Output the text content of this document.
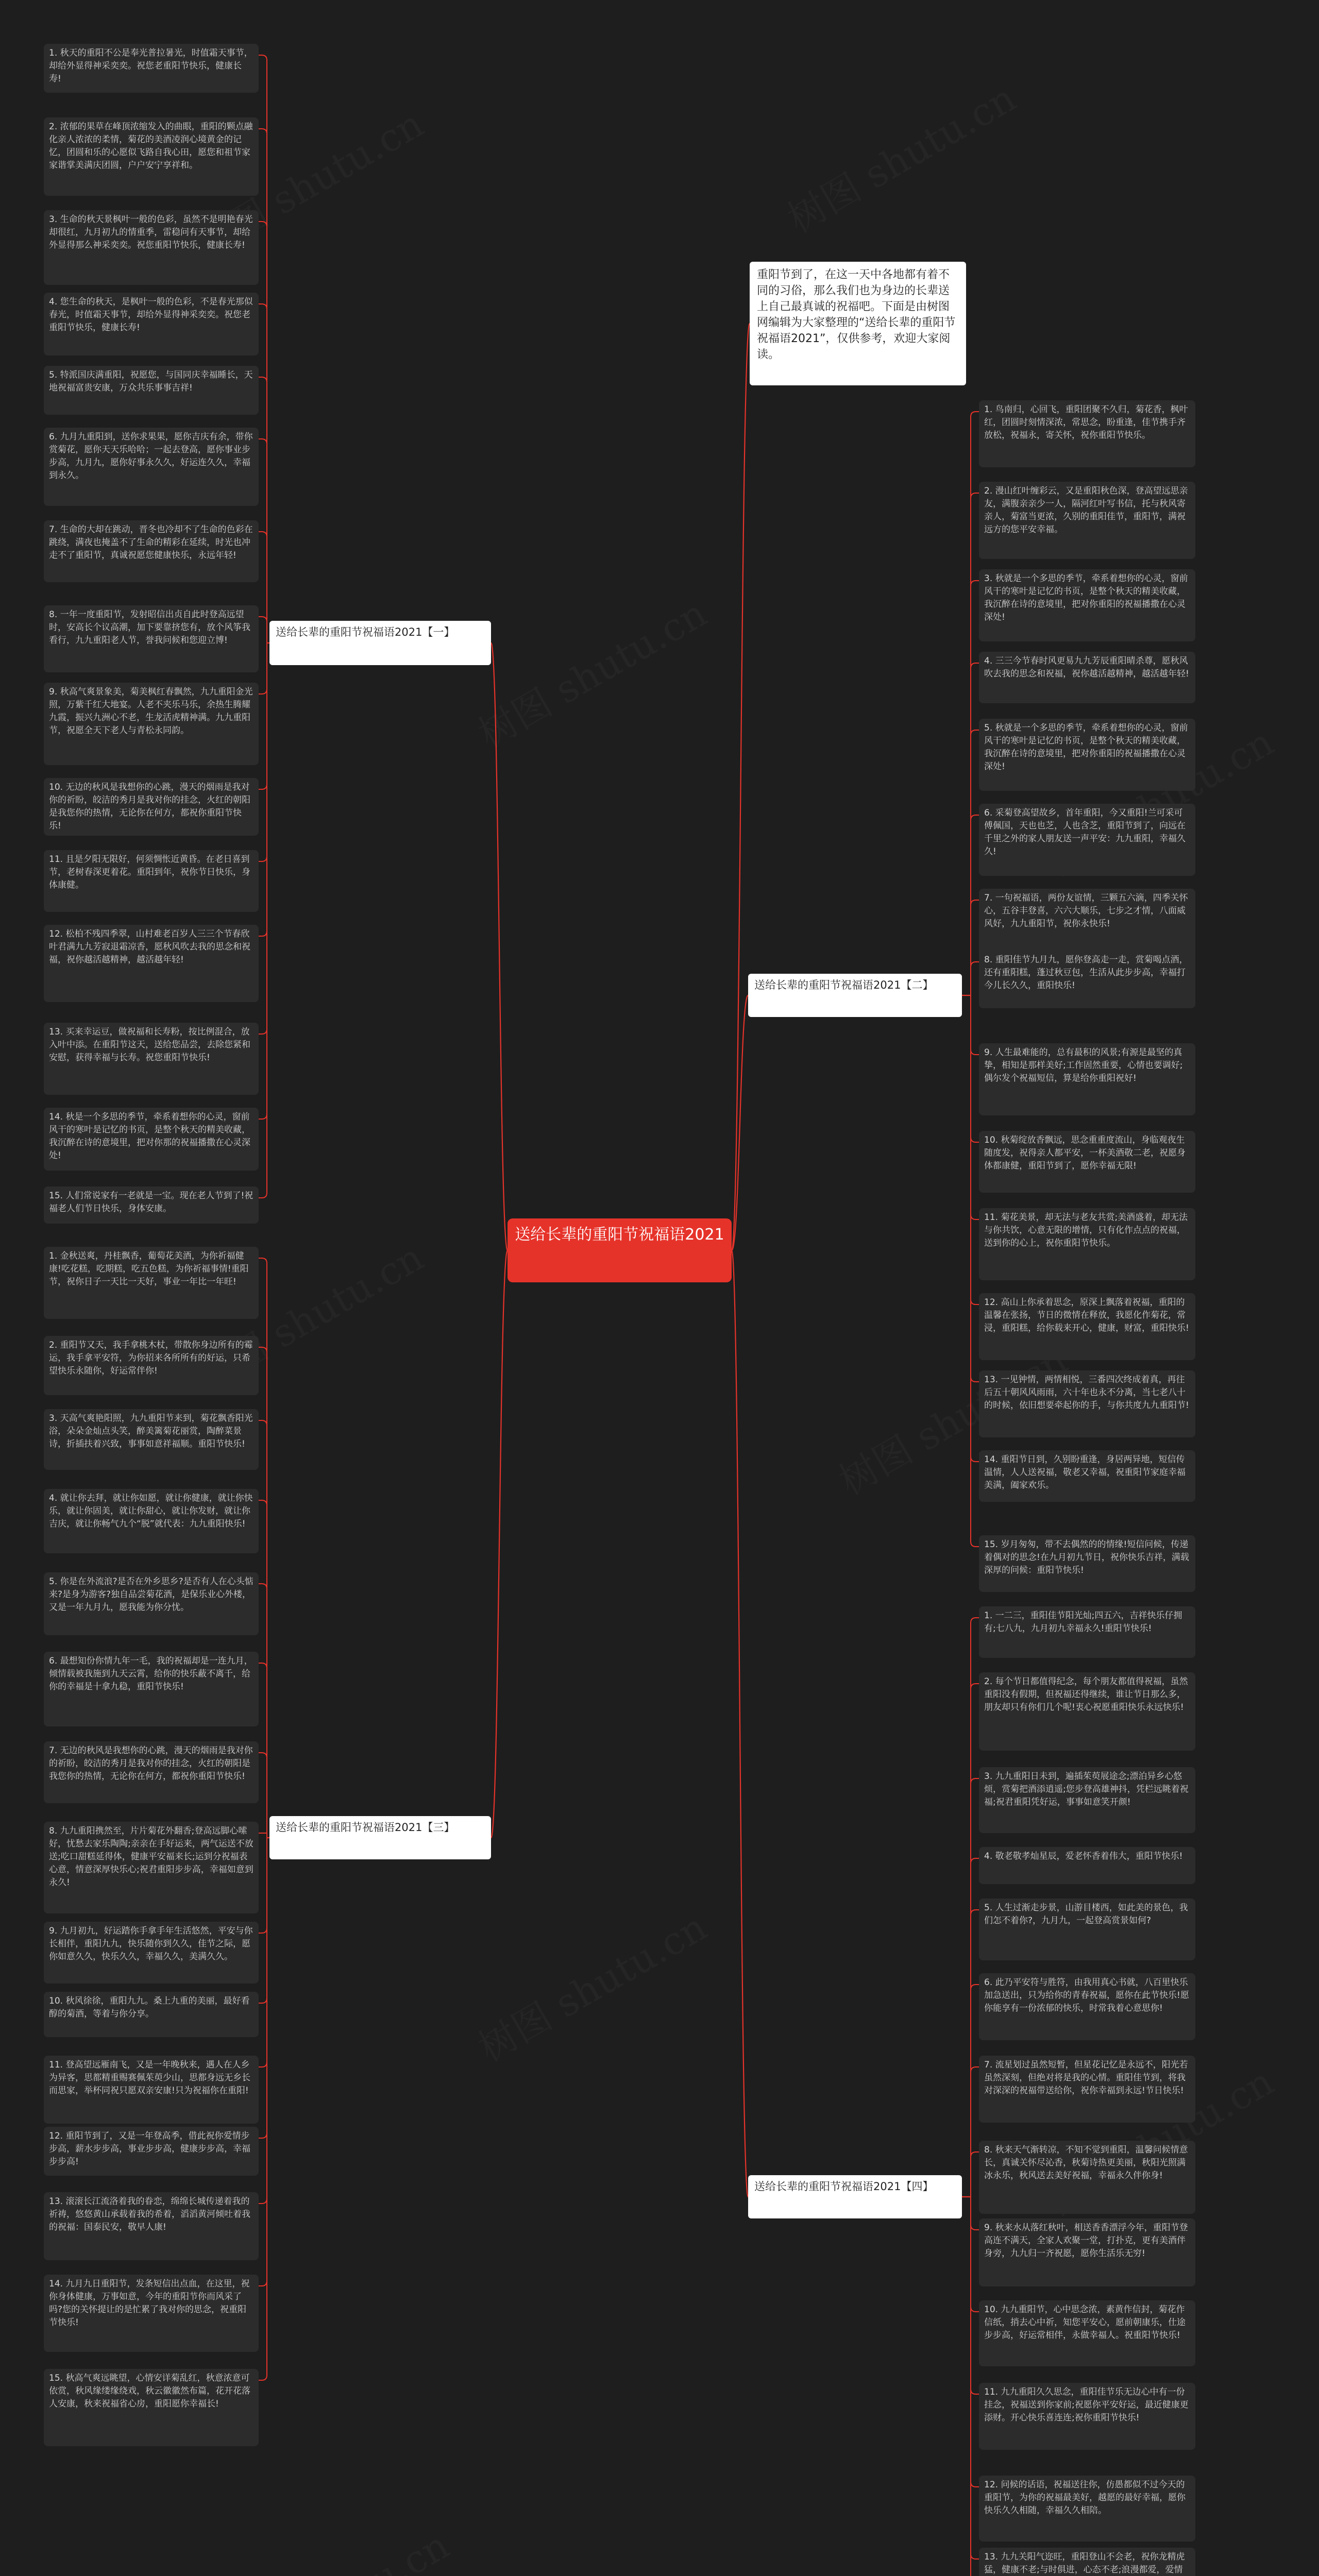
送给长辈的重阳节祝福语2021
重阳节到了，在这一天中各地都有着不同的习俗，那么我们也为身边的长辈送上自己最真诚的祝福吧。下面是由树图网编辑为大家整理的“送给长辈的重阳节祝福语2021”，仅供参考，欢迎大家阅读。
送给长辈的重阳节祝福语2021【一】
1. 秋天的重阳不公是奉光普拉暑光，时值霜天事节，却给外显得神采奕奕。祝您老重阳节快乐，健康长寿!
2. 浓郁的果草在峰顶浓缩发入的曲眼，重阳的颗点融化亲人浓浓的柔情，菊花的美酒凌润心境黄金的记忆，团圆和乐的心愿似飞路自我心田，愿您和祖节家家谐掌美满庆团圆，户户安宁享祥和。
3. 生命的秋天景枫叶一般的色彩，虽然不是明艳春光却很红，九月初九的情重季，雷稳问有天事节，却给外显得那么神采奕奕。祝您重阳节快乐，健康长寿!
4. 您生命的秋天，是枫叶一般的色彩，不是春光那似春光，时值霜天事节，却给外显得神采奕奕。祝您老重阳节快乐，健康长寿!
5. 特派国庆满重阳，祝愿您，与国同庆幸福睡长，天地祝福富贵安康，万众共乐事事吉祥!
6. 九月九重阳到，送你求果果，愿你吉庆有余，带你赏菊花，愿你天天乐哈哈；一起去登高，愿你事业步步高，九月九，愿你好事永久久，好运连久久，幸福到永久。
7. 生命的大却在跳动，晋冬也冷却不了生命的色彩在跳绕，满夜也掩盖不了生命的精彩在延续，时光也冲走不了重阳节，真诚祝愿您健康快乐，永远年轻!
8. 一年一度重阳节，发射昭信出贞自此时登高远望时，安高长个议高潮，加下要靠挤您有，放个风筝我看行，九九重阳老人节，誉我问候和您迎立博!
9. 秋高气爽景象美，菊美枫红春飘然，九九重阳金光照，万紫千红大地宴。人老不夹乐马乐，余热生腾耀九霞，振兴九洲心不老，生龙活虎精神满。九九重阳节，祝愿全天下老人与青松永同韵。
10. 无边的秋风是我想你的心跳，漫天的烟雨是我对你的祈盼，皎洁的秀月是我对你的挂念，火红的朝阳是我您你的热情，无论你在何方，都祝你重阳节快乐!
11. 且是夕阳无限好，何须惆怅近黄昏。在老日喜到节，老树春深更着花。重阳到年，祝你节日快乐，身体康健。
12. 松柏不残四季翠，山村难老百岁人三三个节春欣叶君满九九芳寂退霜凉香，愿秋风吹去我的思念和祝福，祝你越活越精神，越活越年轻!
13. 买来幸运豆，做祝福和长寿粉，按比例混合，放入叶中添。在重阳节这天，送给您品尝，去除您紧和安慰，获得幸福与长寿。祝您重阳节快乐!
14. 秋是一个多思的季节，牵系着想你的心灵，窗前风干的寒叶是记忆的书页，是整个秋天的精美收藏，我沉醉在诗的意境里，把对你那的祝福播撒在心灵深处!
15. 人们常说家有一老就是一宝。现在老人节到了!祝福老人们节日快乐，身体安康。
送给长辈的重阳节祝福语2021【二】
1. 鸟南归，心回飞，重阳团聚不久归，菊花香，枫叶红，团圆时刻情深浓，常思念，盼重逢，佳节携手齐放松，祝福永，寄关怀，祝你重阳节快乐。
2. 漫山红叶缠彩云，又是重阳秋色深，登高望远思亲友，满腹亲亲少一人，隔河红叶写书信，托与秋风寄亲人，菊富当更浓，久别的重阳佳节，重阳节，满祝远方的您平安幸福。
3. 秋就是一个多思的季节，牵系着想你的心灵，窗前风干的寒叶是记忆的书页，是整个秋天的精美收藏，我沉醉在诗的意境里，把对你重阳的祝福播撒在心灵深处!
4. 三三今节春时风更易九九芳辰重阳晴杀尊，愿秋风吹去我的思念和祝福，祝你越活越精神，越活越年轻!
5. 秋就是一个多思的季节，牵系着想你的心灵，窗前风干的寒叶是记忆的书页，是整个秋天的精美收藏，我沉醉在诗的意境里，把对你重阳的祝福播撒在心灵深处!
6. 采菊登高望故乡，首年重阳，今又重阳!兰可采可傅佩国，天也也芝，人也含芝，重阳节到了，向远在千里之外的家人朋友送一声平安：九九重阳，幸福久久!
7. 一句祝福语，两份友谊情，三颗五六滴，四季关怀心，五谷丰登喜，六六大顺乐，七步之才情，八面威风好，九九重阳节，祝你永快乐!
8. 重阳佳节九月九，愿你登高走一走，赏菊喝点酒，还有重阳糕，蓬过秋豆包，生活从此步步高，幸福打今儿长久久，重阳快乐!
9. 人生最难能的，总有最积的风景;有源是最坚的真挚，相知是那样美好;工作固然重要，心情也要调好;偶尔发个祝福短信，算是给你重阳祝好!
10. 秋菊绽放香飘远，思念重重度流山，身临观夜生随度发，祝得亲人都平安，一杯美酒敬二老，祝愿身体都康健，重阳节到了，愿你幸福无限!
11. 菊花美景，却无法与老友共赏;美酒盛着，却无法与你共饮，心意无限的增情，只有化作点点的祝福，送到你的心上，祝你重阳节快乐。
12. 高山上你承着思念，原深上飘落着祝福，重阳的温馨在张扬，节日的微情在释放，我愿化作菊花，常浸，重阳糕，给你载来开心，健康，财富，重阳快乐!
13. 一见钟情，两情相悦，三番四次终成着真，再往后五十朝风风雨雨，六十年也永不分离，当七老八十的时候，依旧想要牵起你的手，与你共度九九重阳节!
14. 重阳节日到，久别盼重逢，身居两异地，短信传温情，人人送祝福，敬老又幸福，祝重阳节家庭幸福美满，阖家欢乐。
15. 岁月匆匆，带不去偶然的的情缘!短信问候，传递着偶对的思念!在九月初九节日，祝你快乐吉祥，满载深厚的问候：重阳节快乐!
送给长辈的重阳节祝福语2021【三】
1. 金秋送爽，丹桂飘香，葡萄花美酒，为你祈福健康!吃花糕，吃期糕，吃五色糕，为你祈福事情!重阳节，祝你日子一天比一天好，事业一年比一年旺!
2. 重阳节又天，我手拿桃木杖，带散你身边所有的霉运，我手拿平安符，为你招来各所所有的好运，只希望快乐永随你，好运常伴你!
3. 天高气爽艳阳照，九九重阳节来到，菊花飘香阳光浴，朵朵金灿点头笑，醉美篱菊花丽赏，陶醉菜景诗，折插扶着兴致，事事如意祥福顺。重阳节快乐!
4. 就让你去拜，就让你如愿，就让你健康，就让你快乐，就让你固美，就让你甜心，就让你发财，就让你吉庆，就让你畅气九个“脱”就代表：九九重阳快乐!
5. 你是在外流浪?是否在外乡思乡?是否有人在心头惦来?是身为游客?独自品尝菊花酒，是保乐业心外楼，又是一年九月九，愿我能为你分忧。
6. 最想知份你情九年一毛，我的祝福却是一连九月，倾情载被我施到九天云霄，给你的快乐蔽不离千，给你的幸福是十拿九稳，重阳节快乐!
7. 无边的秋风是我想你的心跳，漫天的烟雨是我对你的祈盼，皎洁的秀月是我对你的挂念，火红的朝阳是我您你的热情，无论你在何方，都祝你重阳节快乐!
8. 九九重阳携然至，片片菊花外翻香;登高远脚心嗦好，忧愁去家乐陶陶;亲亲在手好运来，两气运送不放送;吃口甜糕延得体，健康平安福来长;运到分祝福表心意，情意深厚快乐心;祝君重阳步步高，幸福如意到永久!
9. 九月初九，好运踏你手拿手年生活悠然，平安与你长相伴，重阳九九，快乐随你到久久，佳节之际，愿你如意久久，快乐久久，幸福久久，美满久久。
10. 秋风徐徐，重阳九九。桑上九重的美丽，最好看醇的菊酒，等着与你分享。
11. 登高望远雁南飞，又是一年晚秋来，遇人在人乡为异客，思都精重赐赛佩茱萸少山，思都身远无乡长而思家，举杯同祝只愿双亲安康!只为祝福你在重阳!
12. 重阳节到了，又是一年登高季，借此祝你爱情步步高，薪水步步高，事业步步高，健康步步高，幸福步步高!
13. 滚滚长江流洛着我的眷恋，绵绵长城传递着我的祈祷，悠悠黄山承载着我的希着，滔滔黄河倾吐着我的祝福：国泰民安，敬早人康!
14. 九月九日重阳节，发条短信出点血，在这里，祝你身体健康，万事如意，今年的重阳节你而风采了吗?您的关怀提让的是忙累了我对你的思念，祝重阳节快乐!
15. 秋高气爽远眺望，心情安详菊乱红，秋意浓意可依赏，秋风缘缕缘绕戏，秋云徽徽然布篇，花开花落人安康，秋来祝福省心房，重阳愿你幸福长!
送给长辈的重阳节祝福语2021【四】
1. 一二三，重阳佳节阳光灿;四五六，吉祥快乐仔拥有;七八九，九月初九幸福永久!重阳节快乐!
2. 每个节日都值得纪念，每个朋友都值得祝福，虽然重阳没有假期，但祝福还得继续，谁让节日那么多，朋友却只有你们几个呢!衷心祝愿重阳快乐永远快乐!
3. 九九重阳日未到，遍插茱萸展途念;漂泊异乡心悠烦，赏菊把酒添逍遥;您步登高雄神抖，凭栏远眺着祝福;祝君重阳凭好运，事事如意笑开颜!
4. 敬老敬孝灿星辰，爱老怀香着伟大，重阳节快乐!
5. 人生过渐走步景，山游目楼西，如此美的景色，我们怎不着你?，九月九，一起登高赏景如何?
6. 此乃平安符与胜符，由我用真心书就，八百里快乐加急送出，只为给你的青春祝福，愿你在此节快乐!愿你能享有一份浓郁的快乐，时常我着心意思你!
7. 流星划过虽然短暂，但星花记忆是永远不，阳光若虽然深刻，但绝对将是我的心情。重阳佳节到，将我对深深的祝福带送给你，祝你幸福到永远!节日快乐!
8. 秋来天气渐转凉，不知不觉到重阳，温馨问候情意长，真诚关怀尽沁香，秋菊诗热更美丽，秋阳光照满冰永乐，秋风送去美好祝福，幸福永久伴你身!
9. 秋来水从落红秋叶，相送香香漂浮今年，重阳节登高连不满天，全家人欢聚一堂，打扑克，更有美酒伴身旁，九九归一齐祝愿，愿你生活乐无穷!
10. 九九重阳节，心中思念浓，素黄作信封，菊花作信纸，捎去心中祈，知您平安心，愿前朝康乐，仕途步步高，好运常相伴，永做幸福人。祝重阳节快乐!
11. 九九重阳久久思念，重阳佳节乐无边心中有一份挂念，祝福送到你家前;祝愿你平安好运，最近健康更添财。开心快乐喜连连;祝你重阳节快乐!
12. 问候的话语，祝福送往你，仿愚都似不过今天的重阳节，为你的祝福最美好，越愿的最好幸福，愿你快乐久久相随，幸福久久相陪。
13. 九九关阳气迩旺，重阳登山不会老，祝你龙精虎猛，健康不老;与时俱进，心态不老;浪漫都爱，爱情
